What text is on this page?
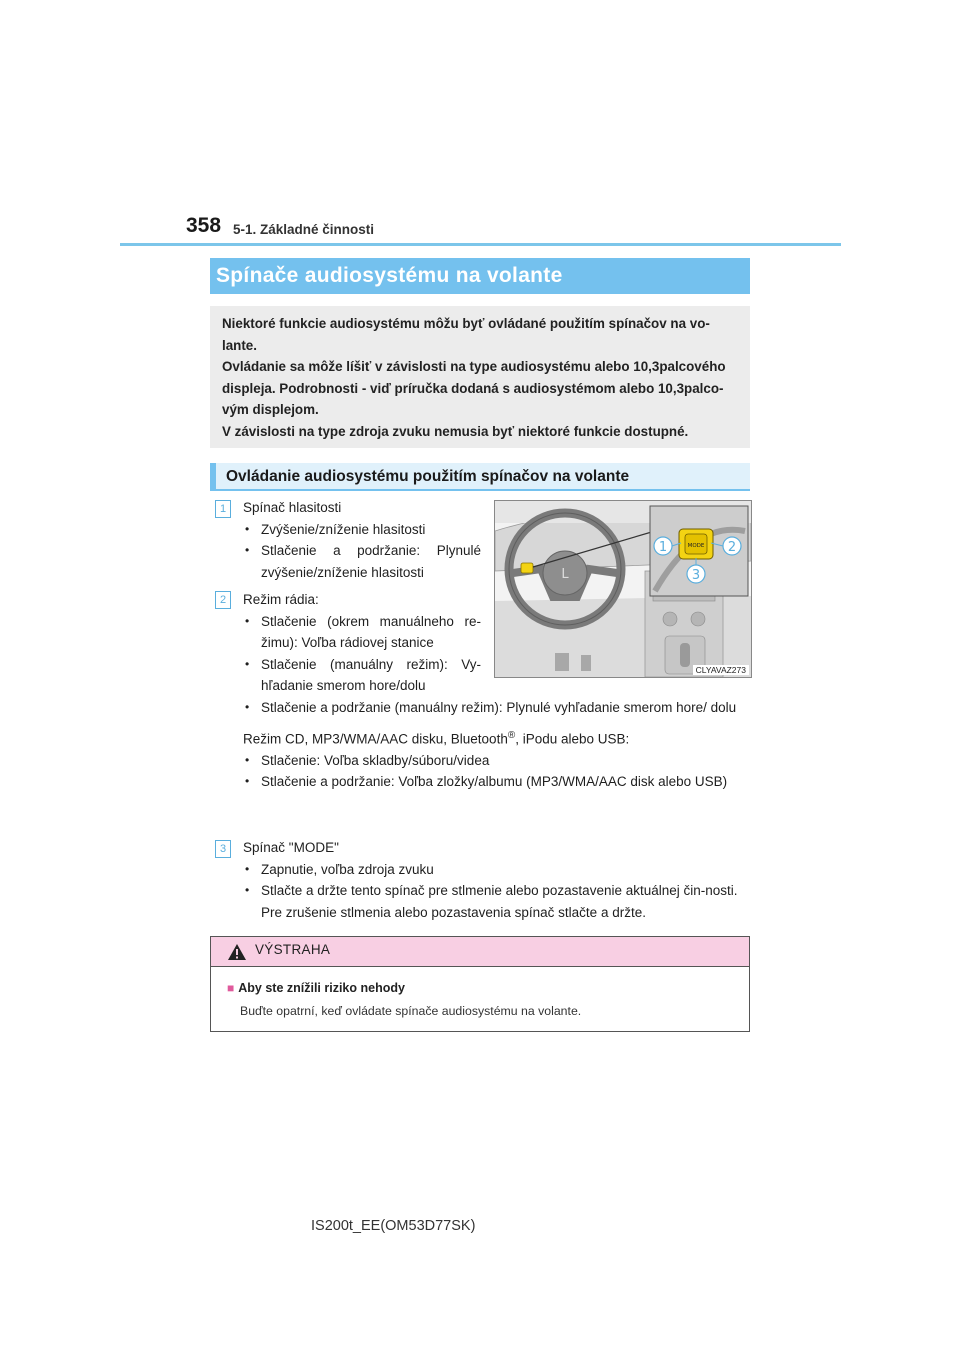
358 5-1. Základné činnosti
Spínače audiosystému na volante

Niektoré funkcie audiosystému môžu byť ovládané použitím spínačov na vo-lante.

Ovládanie sa môže líšiť v závislosti na type audiosystému alebo 10,3palcového displeja. Podrobnosti - viď príručka dodaná s audiosystémom alebo 10,3palco-vým displejom.

V závislosti na type zdroja zvuku nemusia byť niektoré funkcie dostupné.

Ovládanie audiosystému použitím spínačov na volante
1	Spínač hlasitosti
• Zvýšenie/zníženie hlasitosti
• Stlačenie a podržanie: Plynulé zvýšenie/zníženie hlasitosti
2	Režim rádia:
• Stlačenie (okrem manuálneho re-žimu): Voľba rádiovej stanice
• Stlačenie (manuálny režim): Vy-hľadanie smerom hore/dolu
• Stlačenie a podržanie (manuálny režim): Plynulé vyhľadanie smerom hore/ dolu
Režim CD, MP3/WMA/AAC disku, Bluetooth®, iPodu alebo USB:
• Stlačenie: Voľba skladby/súboru/videa
• Stlačenie a podržanie: Voľba zložky/albumu (MP3/WMA/AAC disk alebo USB)
3	Spínač "MODE"
• Zapnutie, voľba zdroja zvuku
• Stlačte a držte tento spínač pre stlmenie alebo pozastavenie aktuálnej čin-nosti. Pre zrušenie stlmenia alebo pozastavenia spínač stlačte a držte.
L
MODE
1	2
3
CLYAVAZ273
VÝSTRAHA
■ Aby ste znížili riziko nehody
Buďte opatrní, keď ovládate spínače audiosystému na volante.
IS200t_EE(OM53D77SK)
